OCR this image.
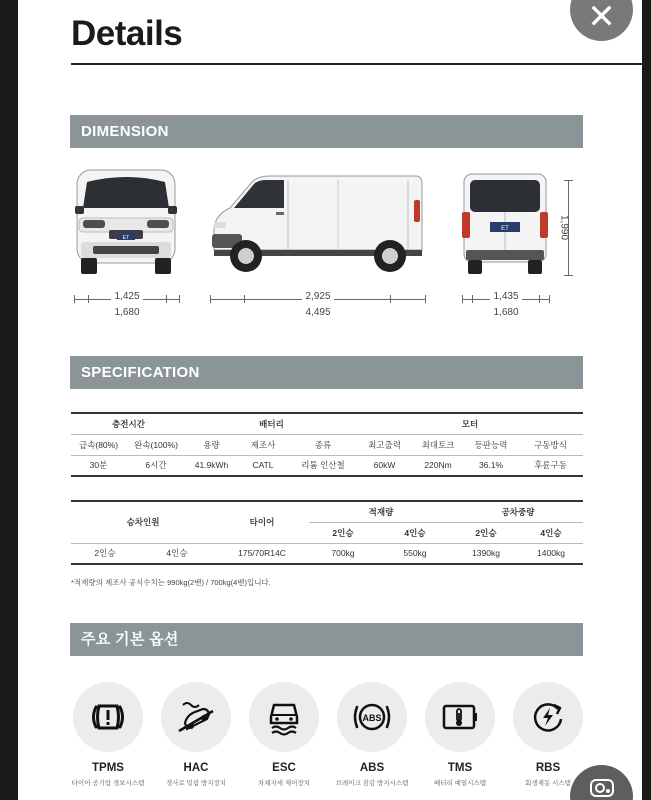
Details
DIMENSION
ET
ET	1,990
1,425
1,680
2,925
4,495
1,435
1,680
SPECIFICATION
충전시간		배터리			모터			
급속(80%)	완속(100%)	용량	제조사	종류	최고출력	최대토크	등판능력	구동방식
30분	6시간	41.9kWh	CATL	리튬 인산철	60kW	220Nm	36.1%	후륜구동
승차인원		타이어	적재량		공차중량	
			2인승	4인승	2인승	4인승
2인승	4인승	175/70R14C	700kg	550kg	1390kg	1400kg
*적재량의 제조사 공식수치는 990kg(2밴) / 700kg(4밴)입니다.
주요 기본 옵션
TPMS
타이어 공기압 경보시스템
HAC
경사로 밀림 방지장치
ESC
차체자세 제어장치
ABS
ABS
브레이크 잠김 방지시스템
TMS
배터리 예열시스템
RBS
회생제동 시스템
✕
